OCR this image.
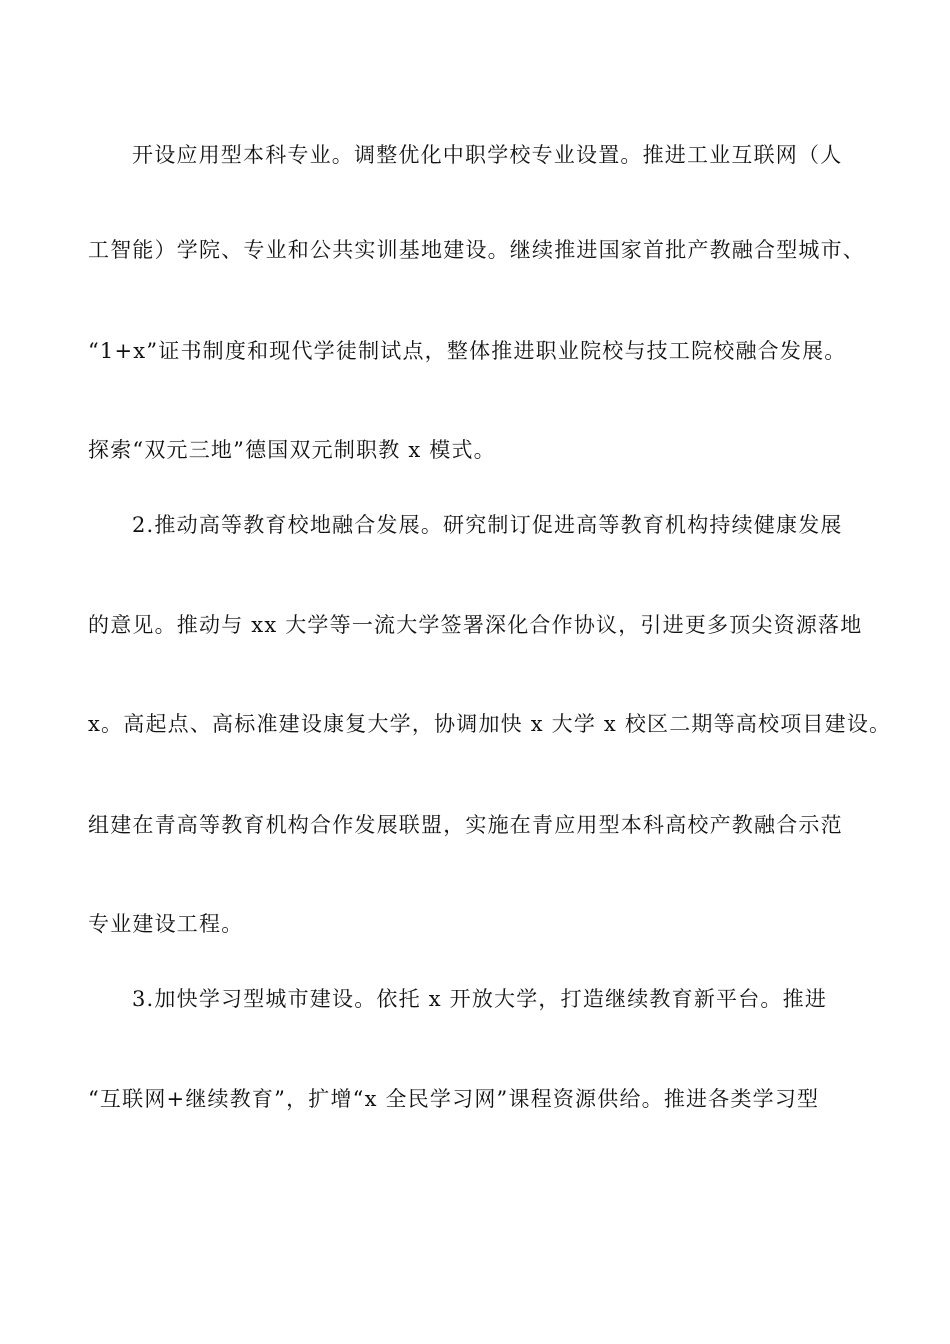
开设应用型本科专业。调整优化中职学校专业设置。推进工业互联网（人
工智能）学院、专业和公共实训基地建设。继续推进国家首批产教融合型城市、
“1+x”证书制度和现代学徒制试点，整体推进职业院校与技工院校融合发展。
探索“双元三地”德国双元制职教 x 模式。
2.推动高等教育校地融合发展。研究制订促进高等教育机构持续健康发展
的意见。推动与 xx 大学等一流大学签署深化合作协议，引进更多顶尖资源落地
x。高起点、高标准建设康复大学，协调加快 x 大学 x 校区二期等高校项目建设。
组建在青高等教育机构合作发展联盟，实施在青应用型本科高校产教融合示范
专业建设工程。
3.加快学习型城市建设。依托 x 开放大学，打造继续教育新平台。推进
“互联网+继续教育”，扩增“x 全民学习网”课程资源供给。推进各类学习型
